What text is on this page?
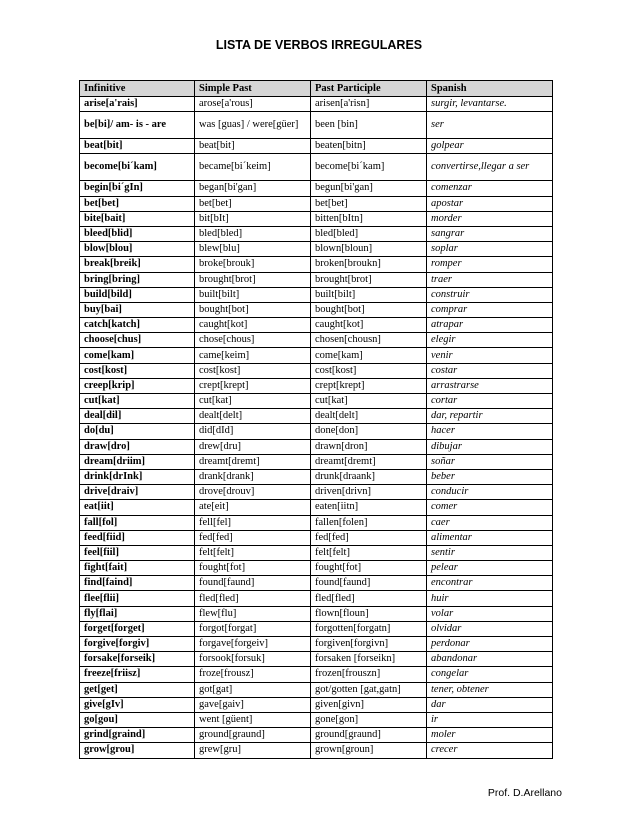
LISTA DE VERBOS IRREGULARES
Infinitive	Simple Past	Past Participle	Spanish
arise[a'rais]	arose[a'rous]	arisen[a'risn]	surgir, levantarse.
be[bi]/ am- is - are	was [guas] / were[güer]	been [bin]	ser
beat[bit]	beat[bit]	beaten[bitn]	golpear
become[bi´kam]	became[bi´keim]	become[bi´kam]	convertirse,llegar a ser
begin[bi´gIn]	began[bi'gan]	begun[bi'gan]	comenzar
bet[bet]	bet[bet]	bet[bet]	apostar
bite[bait]	bit[bIt]	bitten[bItn]	morder
bleed[blid]	bled[bled]	bled[bled]	sangrar
blow[blou]	blew[blu]	blown[bloun]	soplar
break[breik]	broke[brouk]	broken[broukn]	romper
bring[bring]	brought[brot]	brought[brot]	traer
build[bild]	built[bilt]	built[bilt]	construir
buy[bai]	bought[bot]	bought[bot]	comprar
catch[katch]	caught[kot]	caught[kot]	atrapar
choose[chus]	chose[chous]	chosen[chousn]	elegir
come[kam]	came[keim]	come[kam]	venir
cost[kost]	cost[kost]	cost[kost]	costar
creep[krip]	crept[krept]	crept[krept]	arrastrarse
cut[kat]	cut[kat]	cut[kat]	cortar
deal[dil]	dealt[delt]	dealt[delt]	dar, repartir
do[du]	did[dId]	done[don]	hacer
draw[dro]	drew[dru]	drawn[dron]	dibujar
dream[driim]	dreamt[dremt]	dreamt[dremt]	soñar
drink[drInk]	drank[drank]	drunk[draank]	beber
drive[draiv]	drove[drouv]	driven[drivn]	conducir
eat[iit]	ate[eit]	eaten[iitn]	comer
fall[fol]	fell[fel]	fallen[folen]	caer
feed[fiid]	fed[fed]	fed[fed]	alimentar
feel[fiil]	felt[felt]	felt[felt]	sentir
fight[fait]	fought[fot]	fought[fot]	pelear
find[faind]	found[faund]	found[faund]	encontrar
flee[flii]	fled[fled]	fled[fled]	huir
fly[flai]	flew[flu]	flown[floun]	volar
forget[forget]	forgot[forgat]	forgotten[forgatn]	olvidar
forgive[forgiv]	forgave[forgeiv]	forgiven[forgivn]	perdonar
forsake[forseik]	forsook[forsuk]	forsaken [forseikn]	abandonar
freeze[friisz]	froze[frousz]	frozen[frouszn]	congelar
get[get]	got[gat]	got/gotten [gat,gatn]	tener, obtener
give[gIv]	gave[gaiv]	given[givn]	dar
go[gou]	went [güent]	gone[gon]	ir
grind[graind]	ground[graund]	ground[graund]	moler
grow[grou]	grew[gru]	grown[groun]	crecer
Prof. D.Arellano
